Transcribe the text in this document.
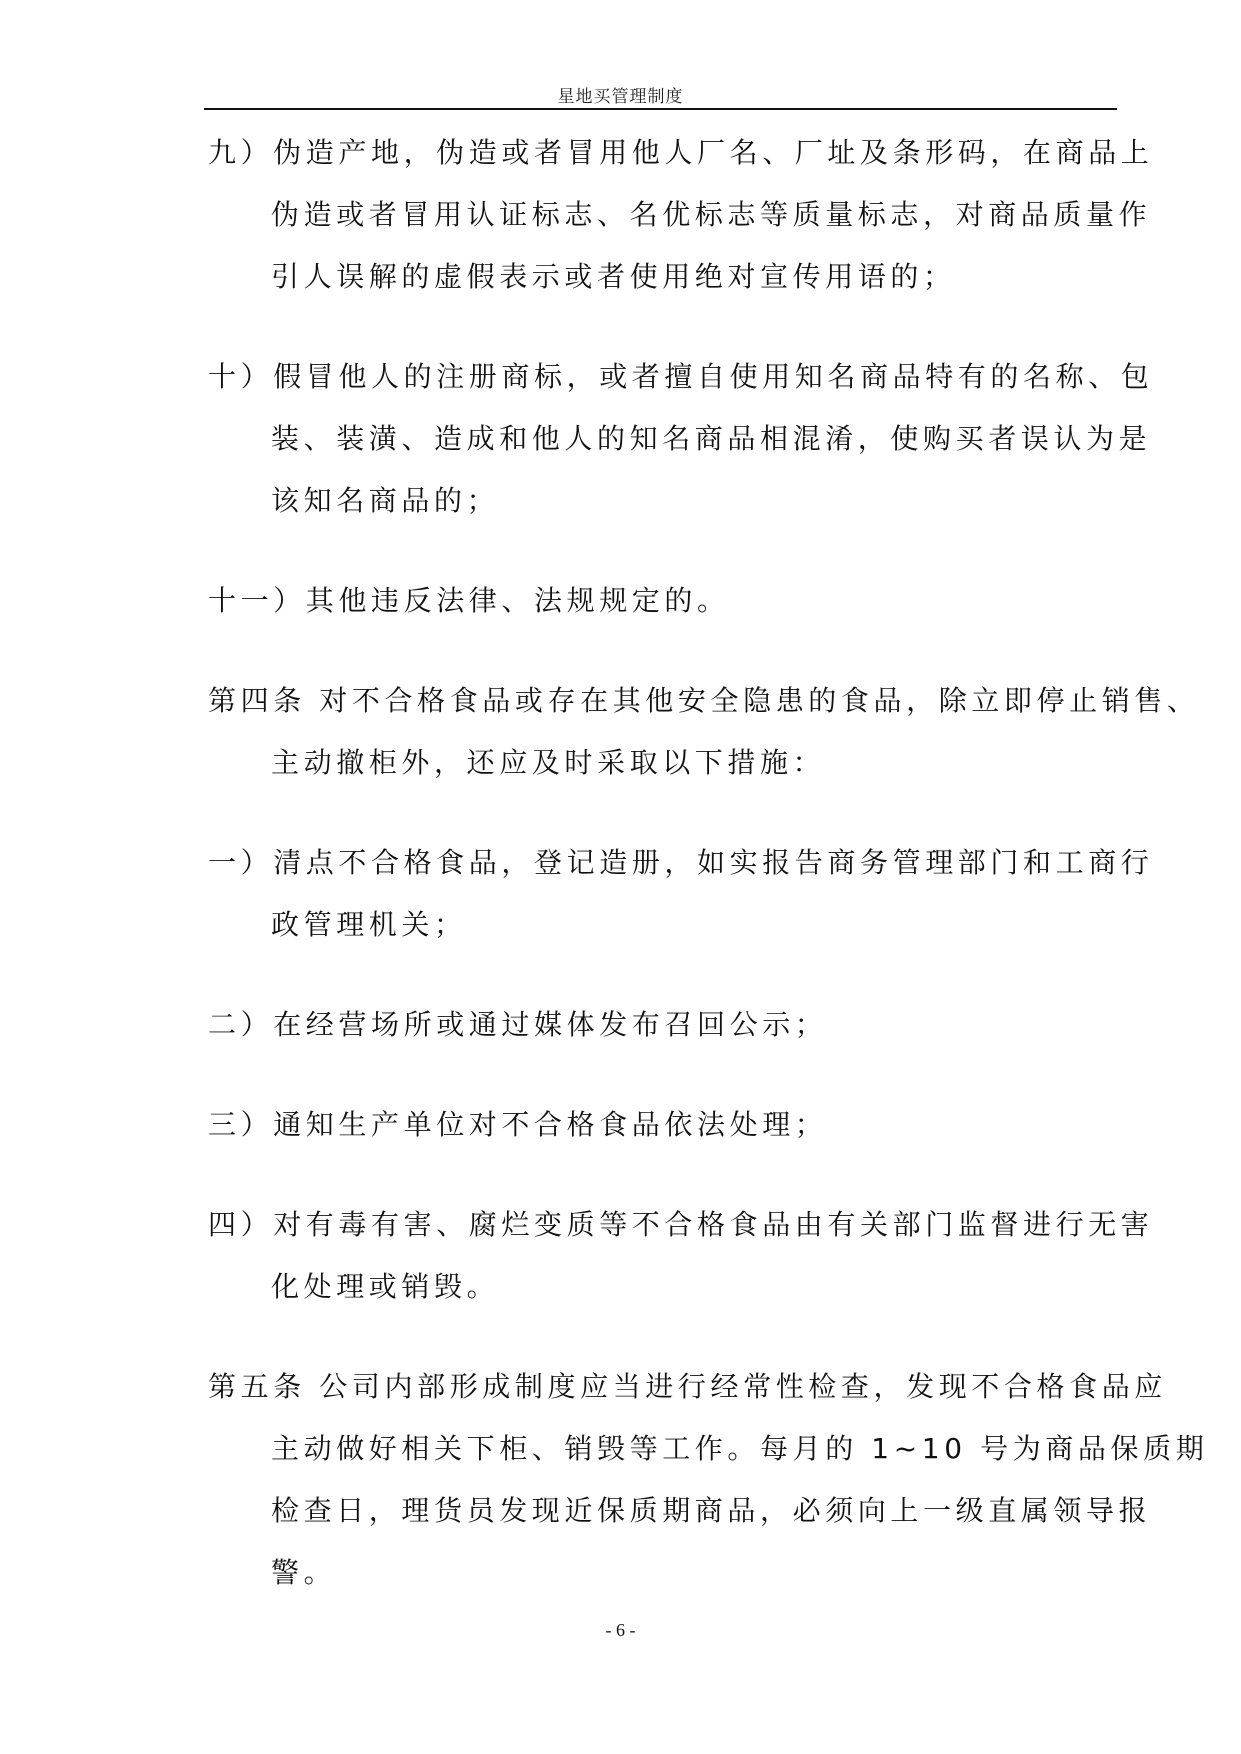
星地买管理制度
九）伪造产地，伪造或者冒用他人厂名、厂址及条形码，在商品上
伪造或者冒用认证标志、名优标志等质量标志，对商品质量作
引人误解的虚假表示或者使用绝对宣传用语的；
十）假冒他人的注册商标，或者擅自使用知名商品特有的名称、包
装、装潢、造成和他人的知名商品相混淆，使购买者误认为是
该知名商品的；
十一）其他违反法律、法规规定的。
第四条 对不合格食品或存在其他安全隐患的食品，除立即停止销售、
主动撤柜外，还应及时采取以下措施：
一）清点不合格食品，登记造册，如实报告商务管理部门和工商行
政管理机关；
二）在经营场所或通过媒体发布召回公示；
三）通知生产单位对不合格食品依法处理；
四）对有毒有害、腐烂变质等不合格食品由有关部门监督进行无害
化处理或销毁。
第五条 公司内部形成制度应当进行经常性检查，发现不合格食品应
主动做好相关下柜、销毁等工作。每月的 1~10 号为商品保质期
检查日，理货员发现近保质期商品，必须向上一级直属领导报
警。
- 6 -
